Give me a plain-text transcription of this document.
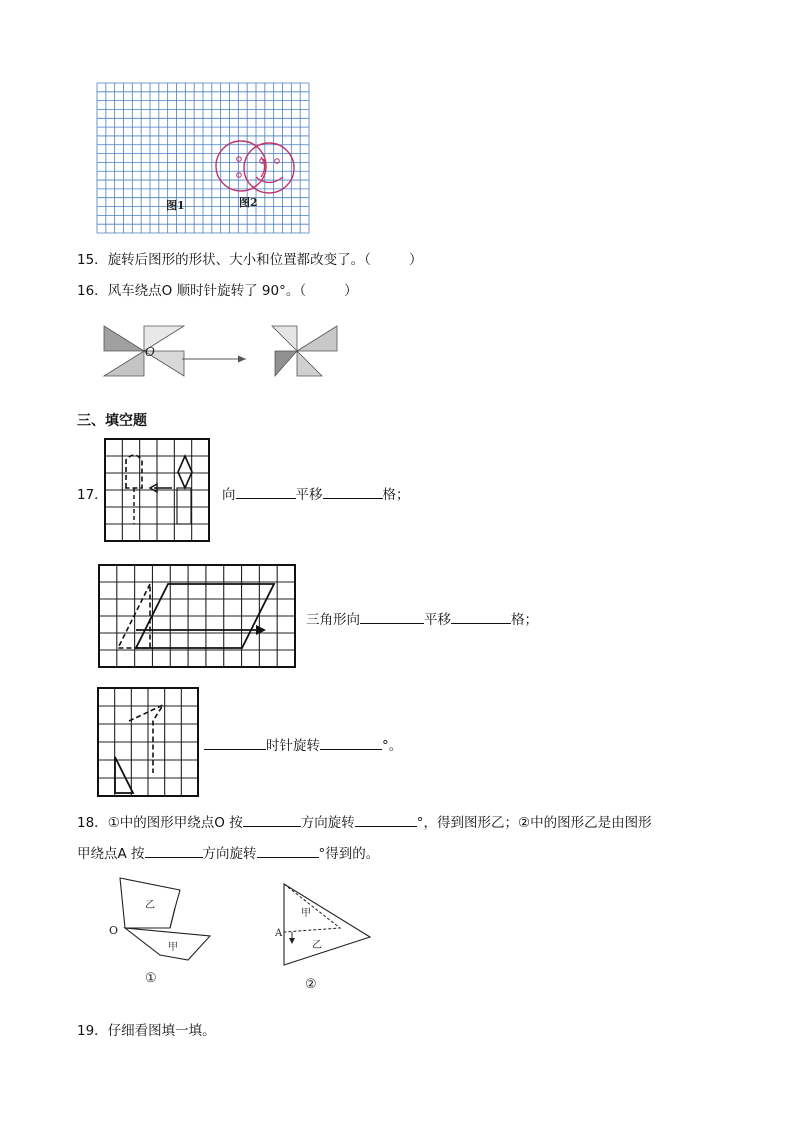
图1	图2
15．旋转后图形的形状、大小和位置都改变了。（	）
16．风车绕点O 顺时针旋转了 90°。（	）
O
三、填空题
17．	向	平移	格；
三角形向	平移	格；
时针旋转	°。
18．①中的图形甲绕点O 按	方向旋转	°，得到图形乙；②中的图形乙是由图形
甲绕点A 按	方向旋转	°得到的。
O
乙
甲
①
A
甲
乙
②
19．仔细看图填一填。
